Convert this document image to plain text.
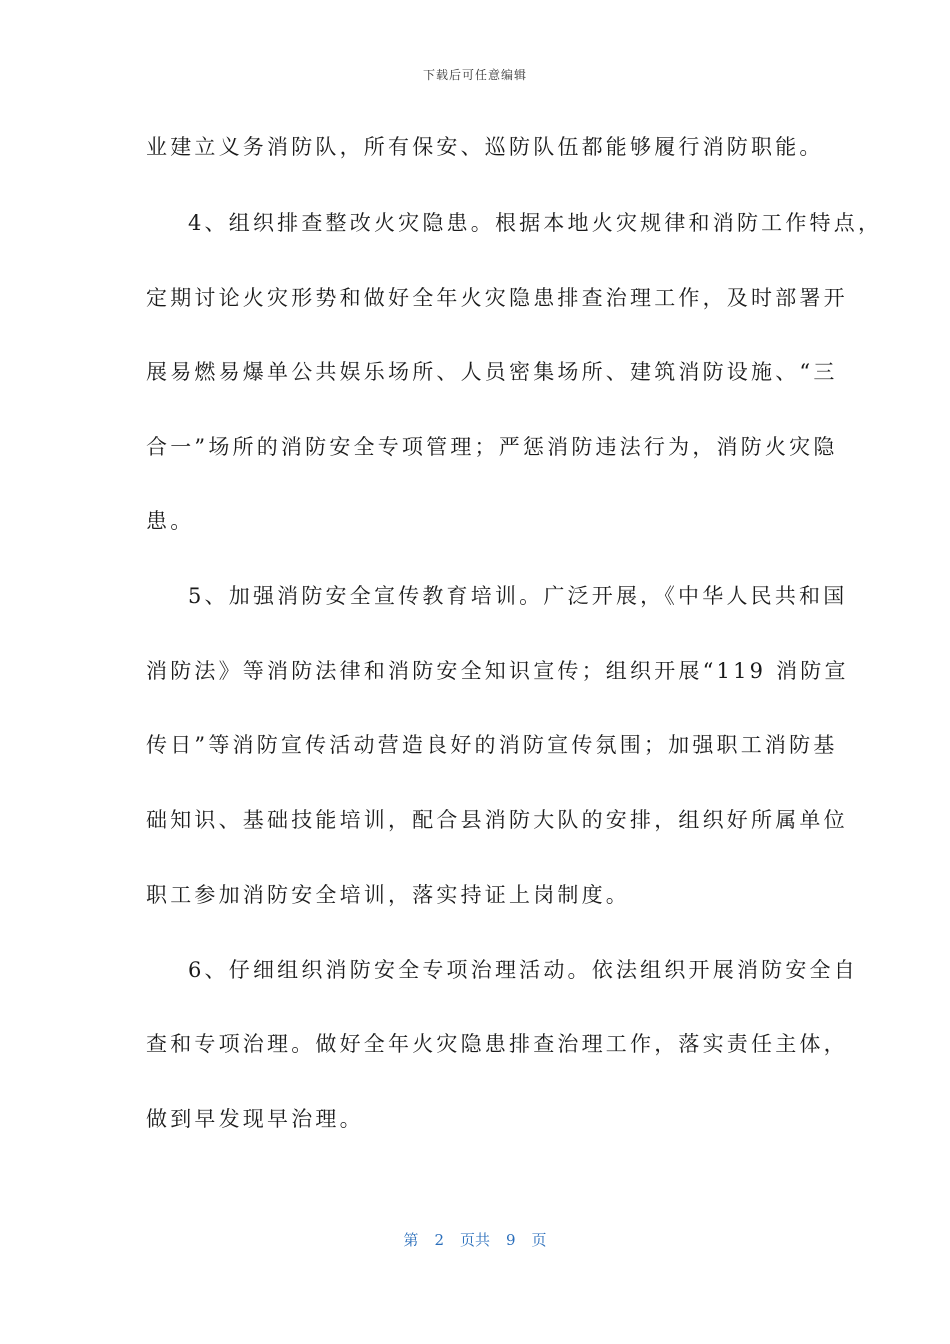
下载后可任意编辑
业建立义务消防队，所有保安、巡防队伍都能够履行消防职能。
4、组织排查整改火灾隐患。根据本地火灾规律和消防工作特点，
定期讨论火灾形势和做好全年火灾隐患排查治理工作，及时部署开
展易燃易爆单公共娱乐场所、人员密集场所、建筑消防设施、“三
合一”场所的消防安全专项管理；严惩消防违法行为，消防火灾隐
患。
5、加强消防安全宣传教育培训。广泛开展，《中华人民共和国
消防法》等消防法律和消防安全知识宣传；组织开展“119 消防宣
传日”等消防宣传活动营造良好的消防宣传氛围；加强职工消防基
础知识、基础技能培训，配合县消防大队的安排，组织好所属单位
职工参加消防安全培训，落实持证上岗制度。
6、仔细组织消防安全专项治理活动。依法组织开展消防安全自
查和专项治理。做好全年火灾隐患排查治理工作，落实责任主体，
做到早发现早治理。
第 2 页共 9 页
